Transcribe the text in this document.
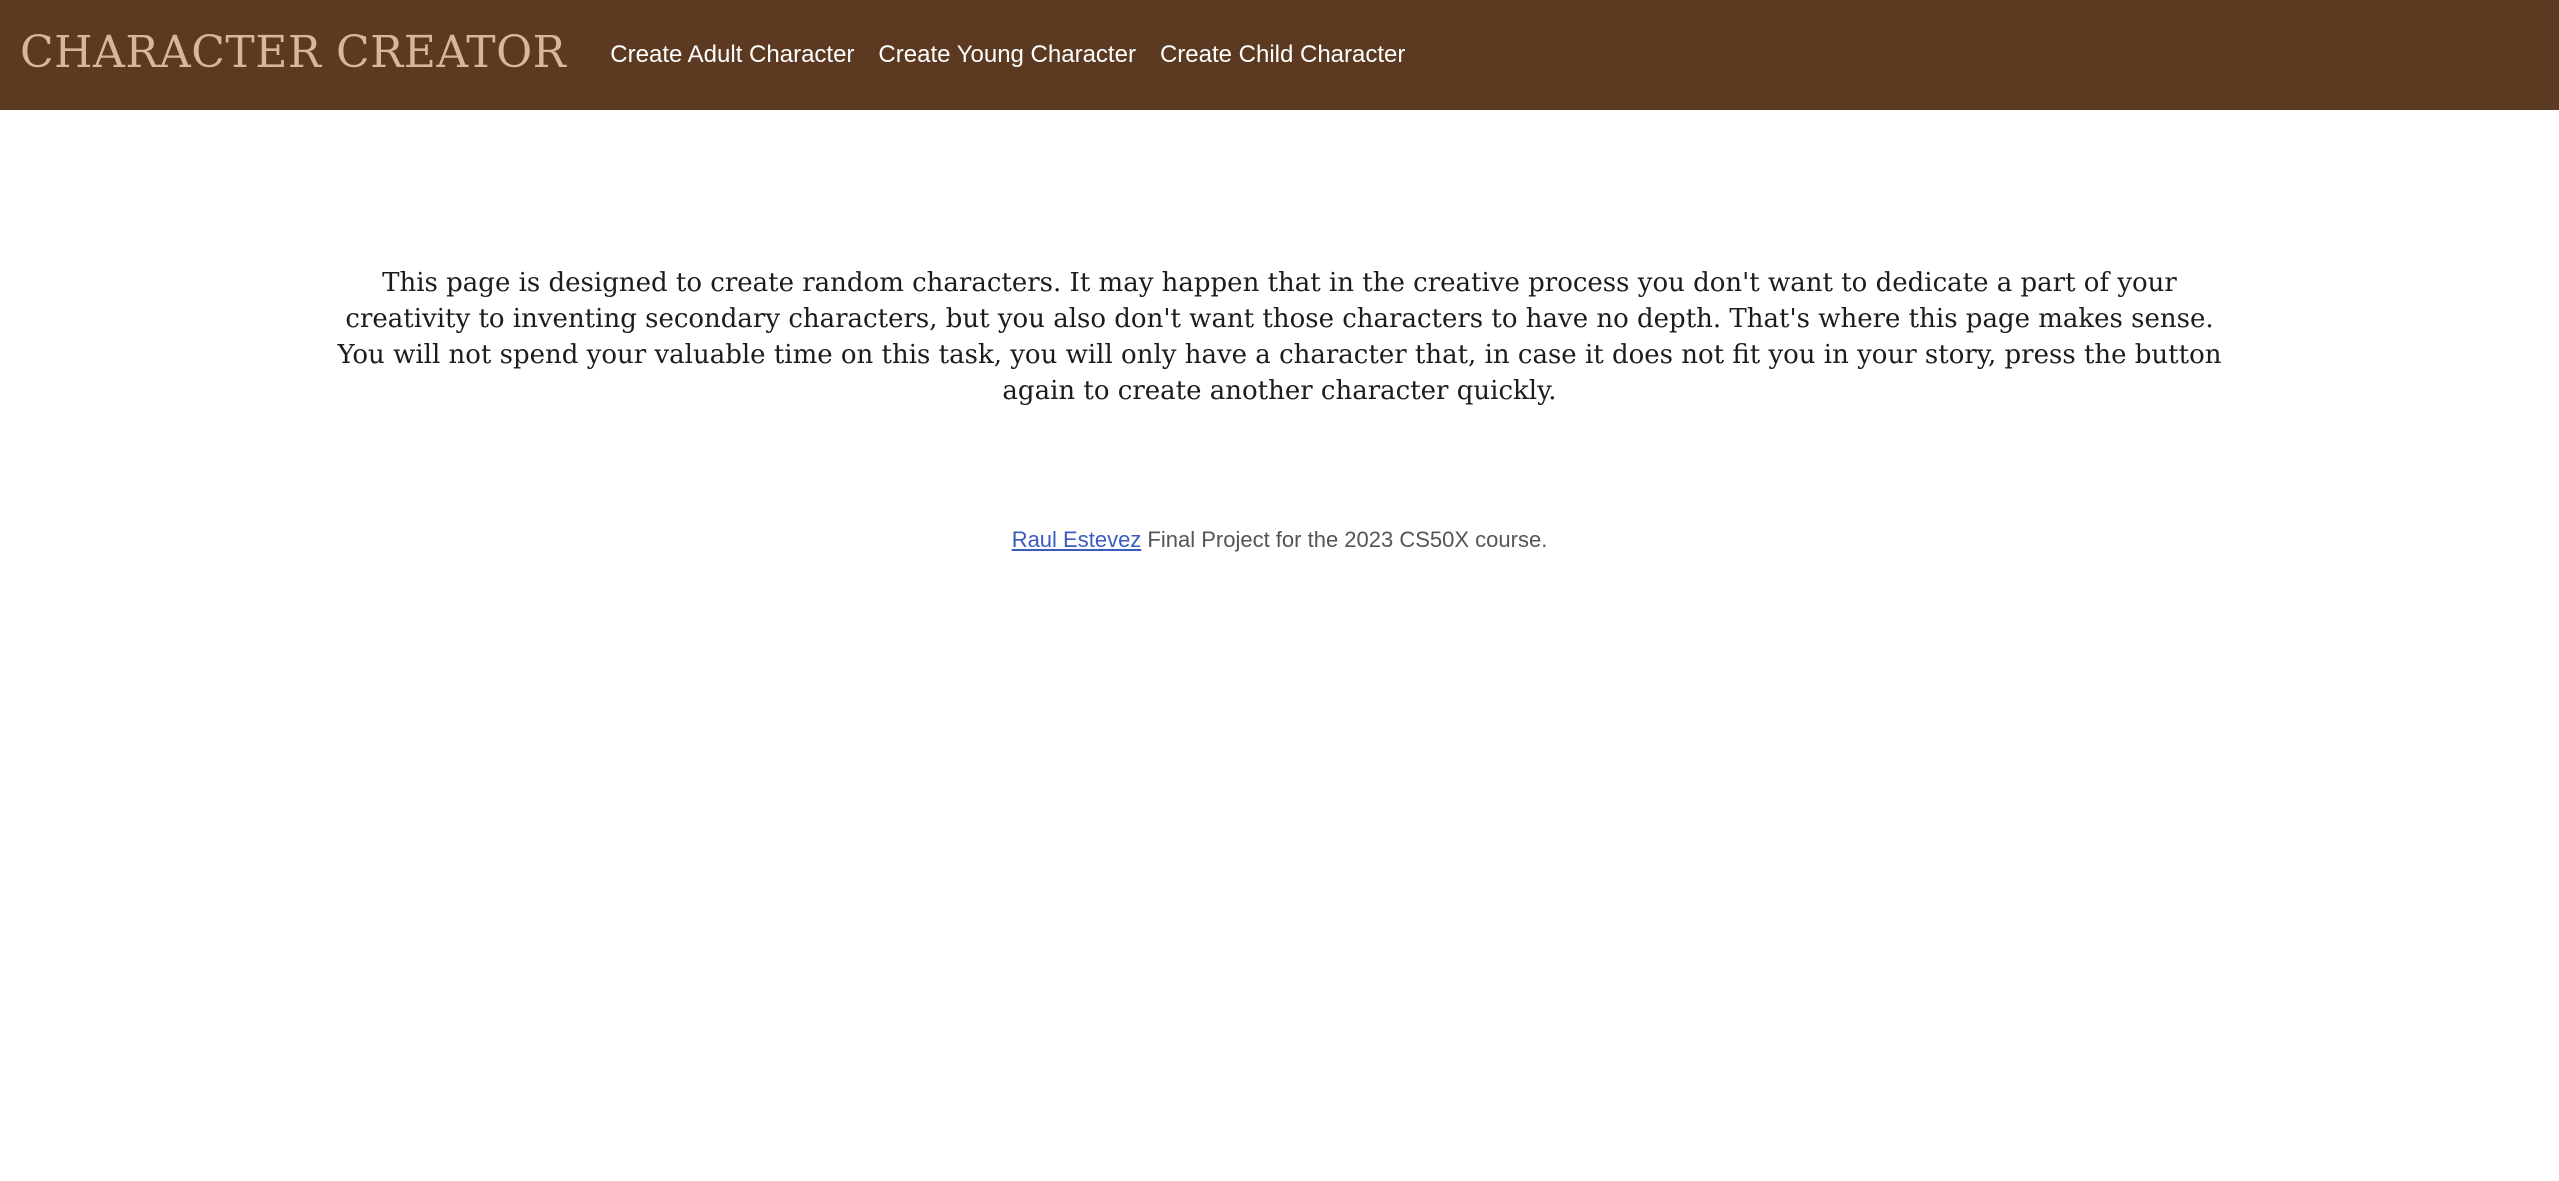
CHARACTER CREATOR	Create Adult Character	Create Young Character	Create Child Character

This page is designed to create random characters. It may happen that in the creative process you don't want to dedicate a part of your creativity to inventing secondary characters, but you also don't want those characters to have no depth. That's where this page makes sense. You will not spend your valuable time on this task, you will only have a character that, in case it does not fit you in your story, press the button again to create another character quickly.

Raul Estevez Final Project for the 2023 CS50X course.
